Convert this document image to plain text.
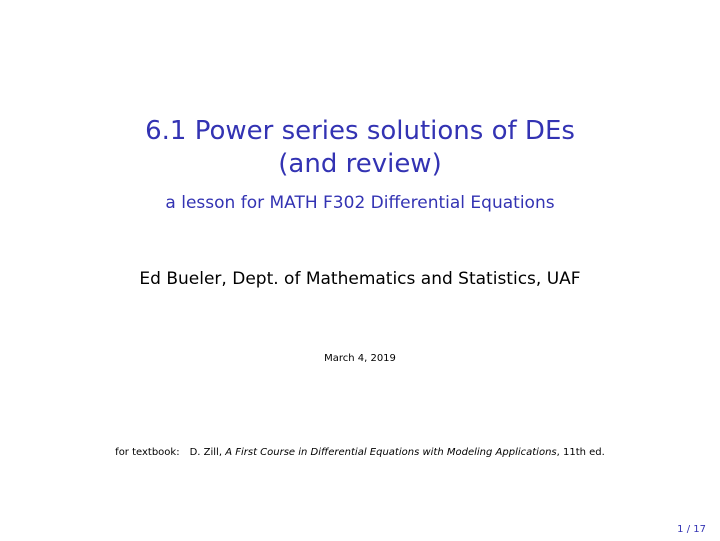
6.1 Power series solutions of DEs
(and review)
a lesson for MATH F302 Differential Equations
Ed Bueler, Dept. of Mathematics and Statistics, UAF
March 4, 2019
for textbook: D. Zill, A First Course in Differential Equations with Modeling Applications, 11th ed.
1 / 17
